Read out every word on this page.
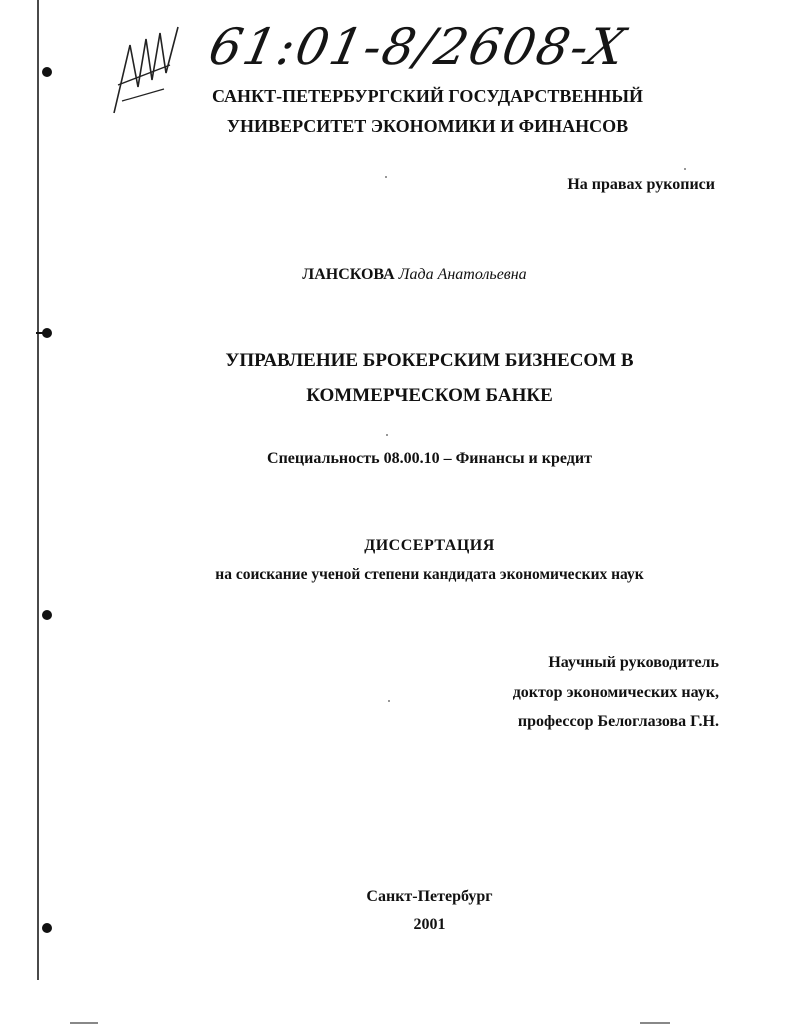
61:01-8/2608-X
САНКТ-ПЕТЕРБУРГСКИЙ ГОСУДАРСТВЕННЫЙ
УНИВЕРСИТЕТ ЭКОНОМИКИ И ФИНАНСОВ
На правах рукописи
ЛАНСКОВА Лада Анатольевна
УПРАВЛЕНИЕ БРОКЕРСКИМ БИЗНЕСОМ В
КОММЕРЧЕСКОМ БАНКЕ
Специальность 08.00.10 – Финансы и кредит
ДИССЕРТАЦИЯ
на соискание ученой степени кандидата экономических наук
Научный руководитель
доктор экономических наук,
профессор Белоглазова Г.Н.
Санкт-Петербург
2001
